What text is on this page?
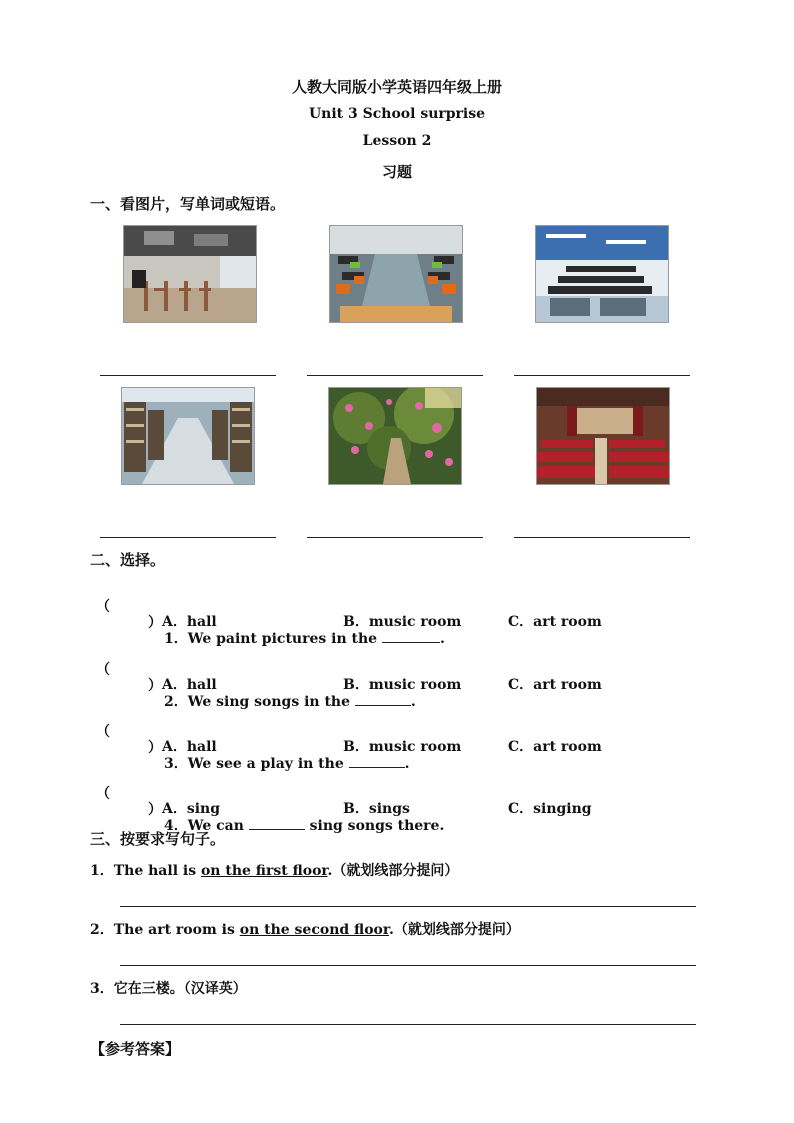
人教大同版小学英语四年级上册
Unit 3 School surprise
Lesson 2
习题
一、看图片，写单词或短语。
二、选择。

（

）

1．We paint pictures in the	.

A．hall	B．music room	C．art room

（

）

2．We sing songs in the	.

A．hall	B．music room	C．art room

（

）

3．We see a play in the	.

A．hall	B．music room	C．art room

（

）

4．We can	sing songs there.

A．sing	B．sings	C．singing
三、按要求写句子。
1．The hall is on the first floor.（就划线部分提问）
2．The art room is on the second floor.（就划线部分提问）
3．它在三楼。（汉译英）
【参考答案】
